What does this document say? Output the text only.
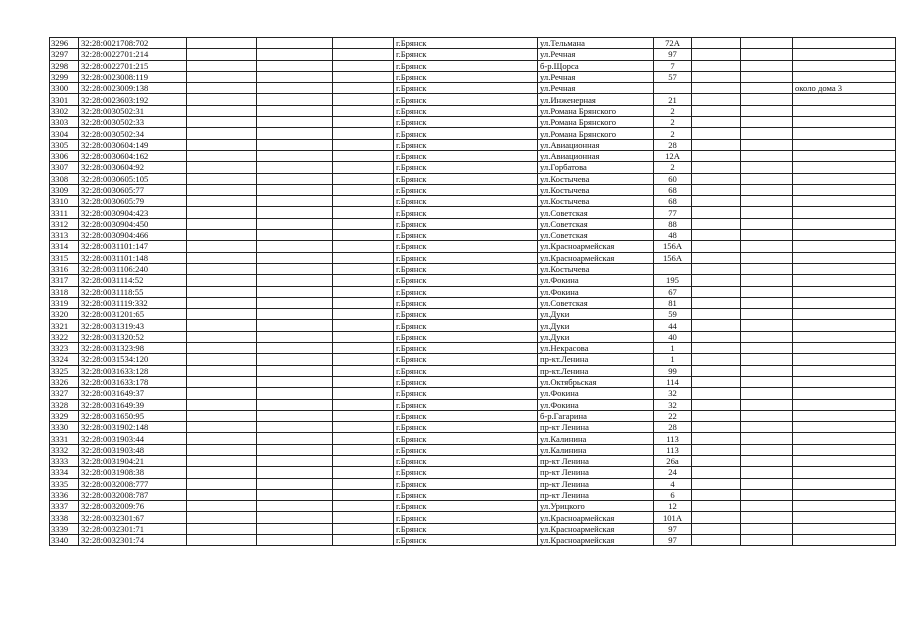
3296	32:28:0021708:702				г.Брянск	ул.Тельмана	72А			
3297	32:28:0022701:214				г.Брянск	ул.Речная	97			
3298	32:28:0022701:215				г.Брянск	б-р.Щорса	7			
3299	32:28:0023008:119				г.Брянск	ул.Речная	57			
3300	32:28:0023009:138				г.Брянск	ул.Речная				около дома 3
3301	32:28:0023603:192				г.Брянск	ул.Инженерная	21			
3302	32:28:0030502:31				г.Брянск	ул.Романа Брянского	2			
3303	32:28:0030502:33				г.Брянск	ул.Романа Брянского	2			
3304	32:28:0030502:34				г.Брянск	ул.Романа Брянского	2			
3305	32:28:0030604:149				г.Брянск	ул.Авиационная	28			
3306	32:28:0030604:162				г.Брянск	ул.Авиационная	12А			
3307	32:28:0030604:92				г.Брянск	ул.Горбатова	2			
3308	32:28:0030605:105				г.Брянск	ул.Костычева	60			
3309	32:28:0030605:77				г.Брянск	ул.Костычева	68			
3310	32:28:0030605:79				г.Брянск	ул.Костычева	68			
3311	32:28:0030904:423				г.Брянск	ул.Советская	77			
3312	32:28:0030904:450				г.Брянск	ул.Советская	88			
3313	32:28:0030904:466				г.Брянск	ул.Советская	48			
3314	32:28:0031101:147				г.Брянск	ул.Красноармейская	156А			
3315	32:28:0031101:148				г.Брянск	ул.Красноармейская	156А			
3316	32:28:0031106:240				г.Брянск	ул.Костычева				
3317	32:28:0031114:52				г.Брянск	ул.Фокина	195			
3318	32:28:0031118:55				г.Брянск	ул.Фокина	67			
3319	32:28:0031119:332				г.Брянск	ул.Советская	81			
3320	32:28:0031201:65				г.Брянск	ул.Дуки	59			
3321	32:28:0031319:43				г.Брянск	ул.Дуки	44			
3322	32:28:0031320:52				г.Брянск	ул.Дуки	40			
3323	32:28:0031323:98				г.Брянск	ул.Некрасова	1			
3324	32:28:0031534:120				г.Брянск	пр-кт.Ленина	1			
3325	32:28:0031633:128				г.Брянск	пр-кт.Ленина	99			
3326	32:28:0031633:178				г.Брянск	ул.Октябрьская	114			
3327	32:28:0031649:37				г.Брянск	ул.Фокина	32			
3328	32:28:0031649:39				г.Брянск	ул.Фокина	32			
3329	32:28:0031650:95				г.Брянск	б-р.Гагарина	22			
3330	32:28:0031902:148				г.Брянск	пр-кт Ленина	28			
3331	32:28:0031903:44				г.Брянск	ул.Калинина	113			
3332	32:28:0031903:48				г.Брянск	ул.Калинина	113			
3333	32:28:0031904:21				г.Брянск	пр-кт Ленина	26а			
3334	32:28:0031908:38				г.Брянск	пр-кт Ленина	24			
3335	32:28:0032008:777				г.Брянск	пр-кт Ленина	4			
3336	32:28:0032008:787				г.Брянск	пр-кт Ленина	6			
3337	32:28:0032009:76				г.Брянск	ул.Урицкого	12			
3338	32:28:0032301:67				г.Брянск	ул.Красноармейская	101А			
3339	32:28:0032301:71				г.Брянск	ул.Красноармейская	97			
3340	32:28:0032301:74				г.Брянск	ул.Красноармейская	97			
